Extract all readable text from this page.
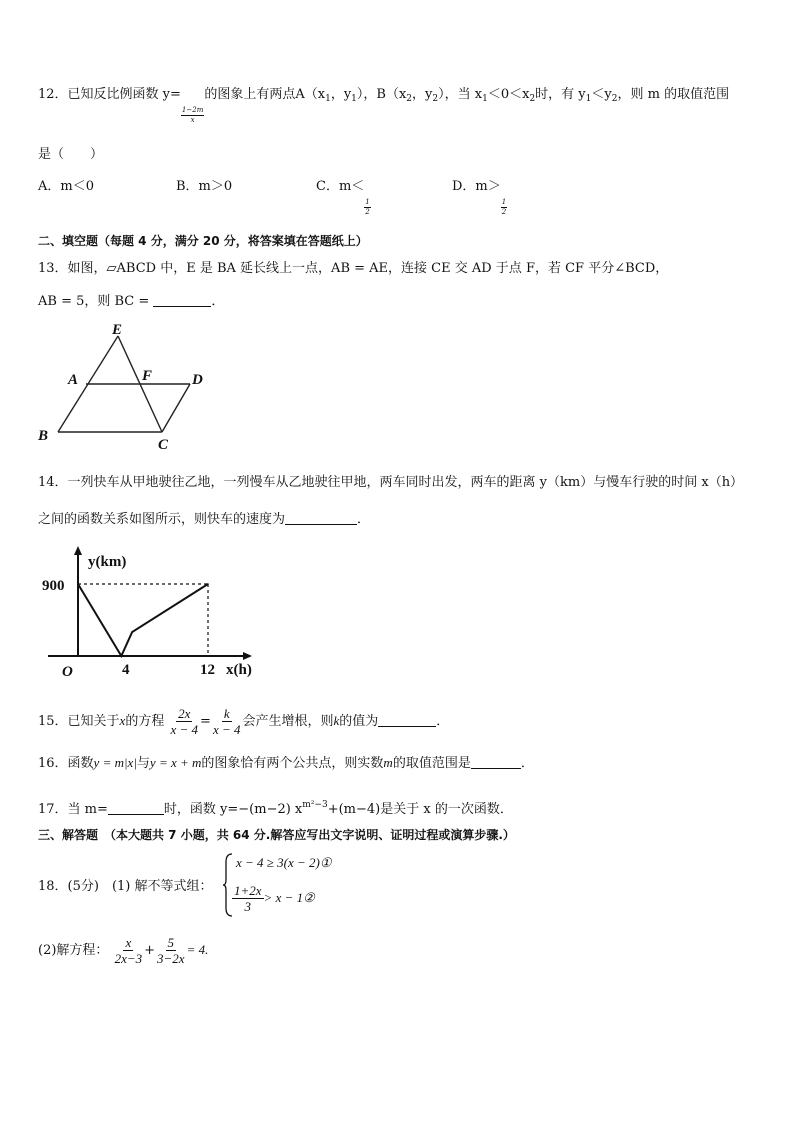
12．已知反比例函数 y=
$\frac{1-2m}{x}$
的图象上有两点$A(x_1$，$y_1$），$B(x_2$，$y_2$），当 $x_1<0<x_2$时，有 $y_1<y_2$，则 m 的取值范围
是（　　）
A．m＜0	B．m＞0	C．m＜
$\frac{1}{2}$
D．m＞
$\frac{1}{2}$
二、填空题（每题 4 分，满分 20 分，将答案填在答题纸上）
13．如图，▱ABCD 中，E 是 BA 延长线上一点，AB = AE，连接 CE 交 AD 于点 F，若 CF 平分∠BCD，
AB = 5，则 BC =	．
E
A	F	D
B
C
14．一列快车从甲地驶往乙地，一列慢车从乙地驶往甲地，两车同时出发，两车的距离 y（km）与慢车行驶的时间 x（h）
之间的函数关系如图所示，则快车的速度为	．
y(km)
x(h)
900
O	4	12
15．已知关于x的方程 $\frac{2x}{x - 4} = \frac{k}{x - 4}$ 会产生增根，则k的值为	．
16．函数y = m|x|与y = x + m的图象恰有两个公共点，则实数m的取值范围是	．
17．当 m=	时，函数 y=−(m−2) $x^{m^2-3}+(m-4)$是关于 x 的一次函数．
三、解答题　（本大题共 7 小题，共 64 分.解答应写出文字说明、证明过程或演算步骤.）
18．(5分)　(1) 解不等式组：
x − 4 ≥ 3(x − 2)①
$\frac{1+2x}{3} > x$ − 1②
(2)解方程： $\frac{x}{2x-3} + \frac{5}{3-2x} = 4$.
